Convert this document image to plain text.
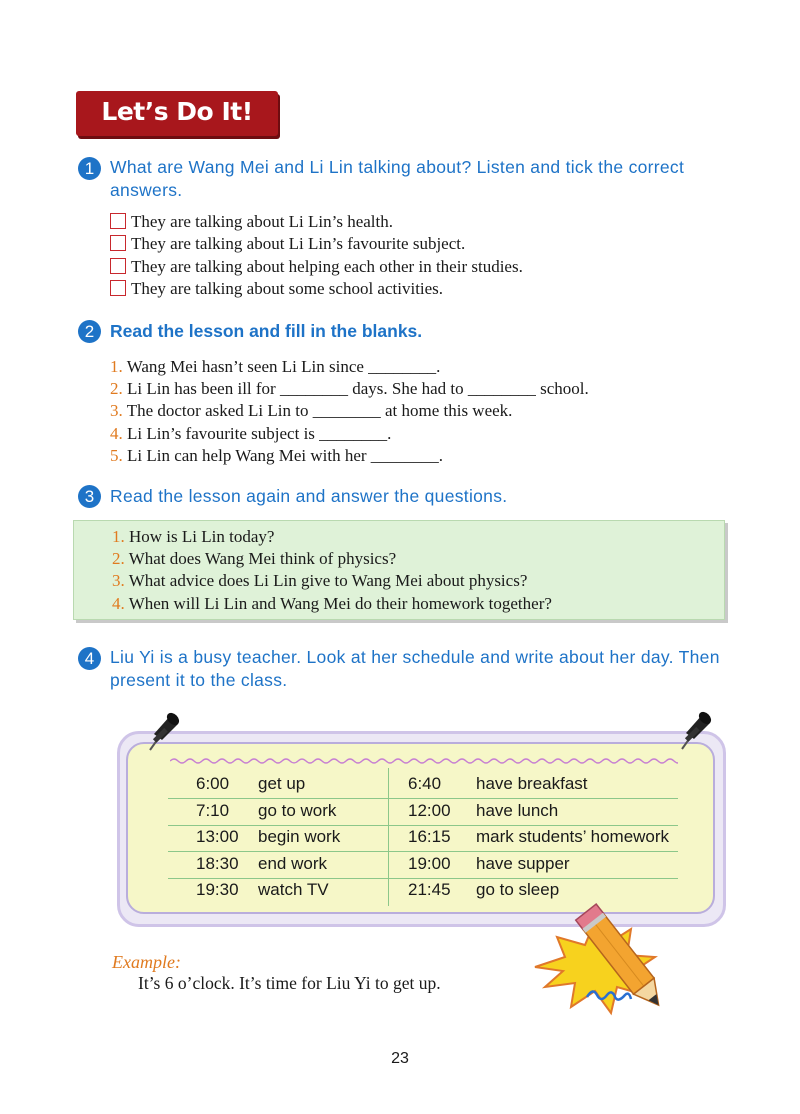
Let’s Do It!
1 What are Wang Mei and Li Lin talking about? Listen and tick the correct answers.
They are talking about Li Lin’s health.
They are talking about Li Lin’s favourite subject.
They are talking about helping each other in their studies.
They are talking about some school activities.
2 Read the lesson and fill in the blanks.
1. Wang Mei hasn’t seen Li Lin since ________.
2. Li Lin has been ill for ________ days. She had to ________ school.
3. The doctor asked Li Lin to ________ at home this week.
4. Li Lin’s favourite subject is ________.
5. Li Lin can help Wang Mei with her ________.
3 Read the lesson again and answer the questions.
1. How is Li Lin today?
2. What does Wang Mei think of physics?
3. What advice does Li Lin give to Wang Mei about physics?
4. When will Li Lin and Wang Mei do their homework together?
4 Liu Yi is a busy teacher. Look at her schedule and write about her day. Then present it to the class.
6:00 get up	6:40 have breakfast
7:10 go to work	12:00 have lunch
13:00 begin work	16:15 mark students’ homework
18:30 end work	19:00 have supper
19:30 watch TV	21:45 go to sleep
Example:
It’s 6 o’clock. It’s time for Liu Yi to get up.
23
